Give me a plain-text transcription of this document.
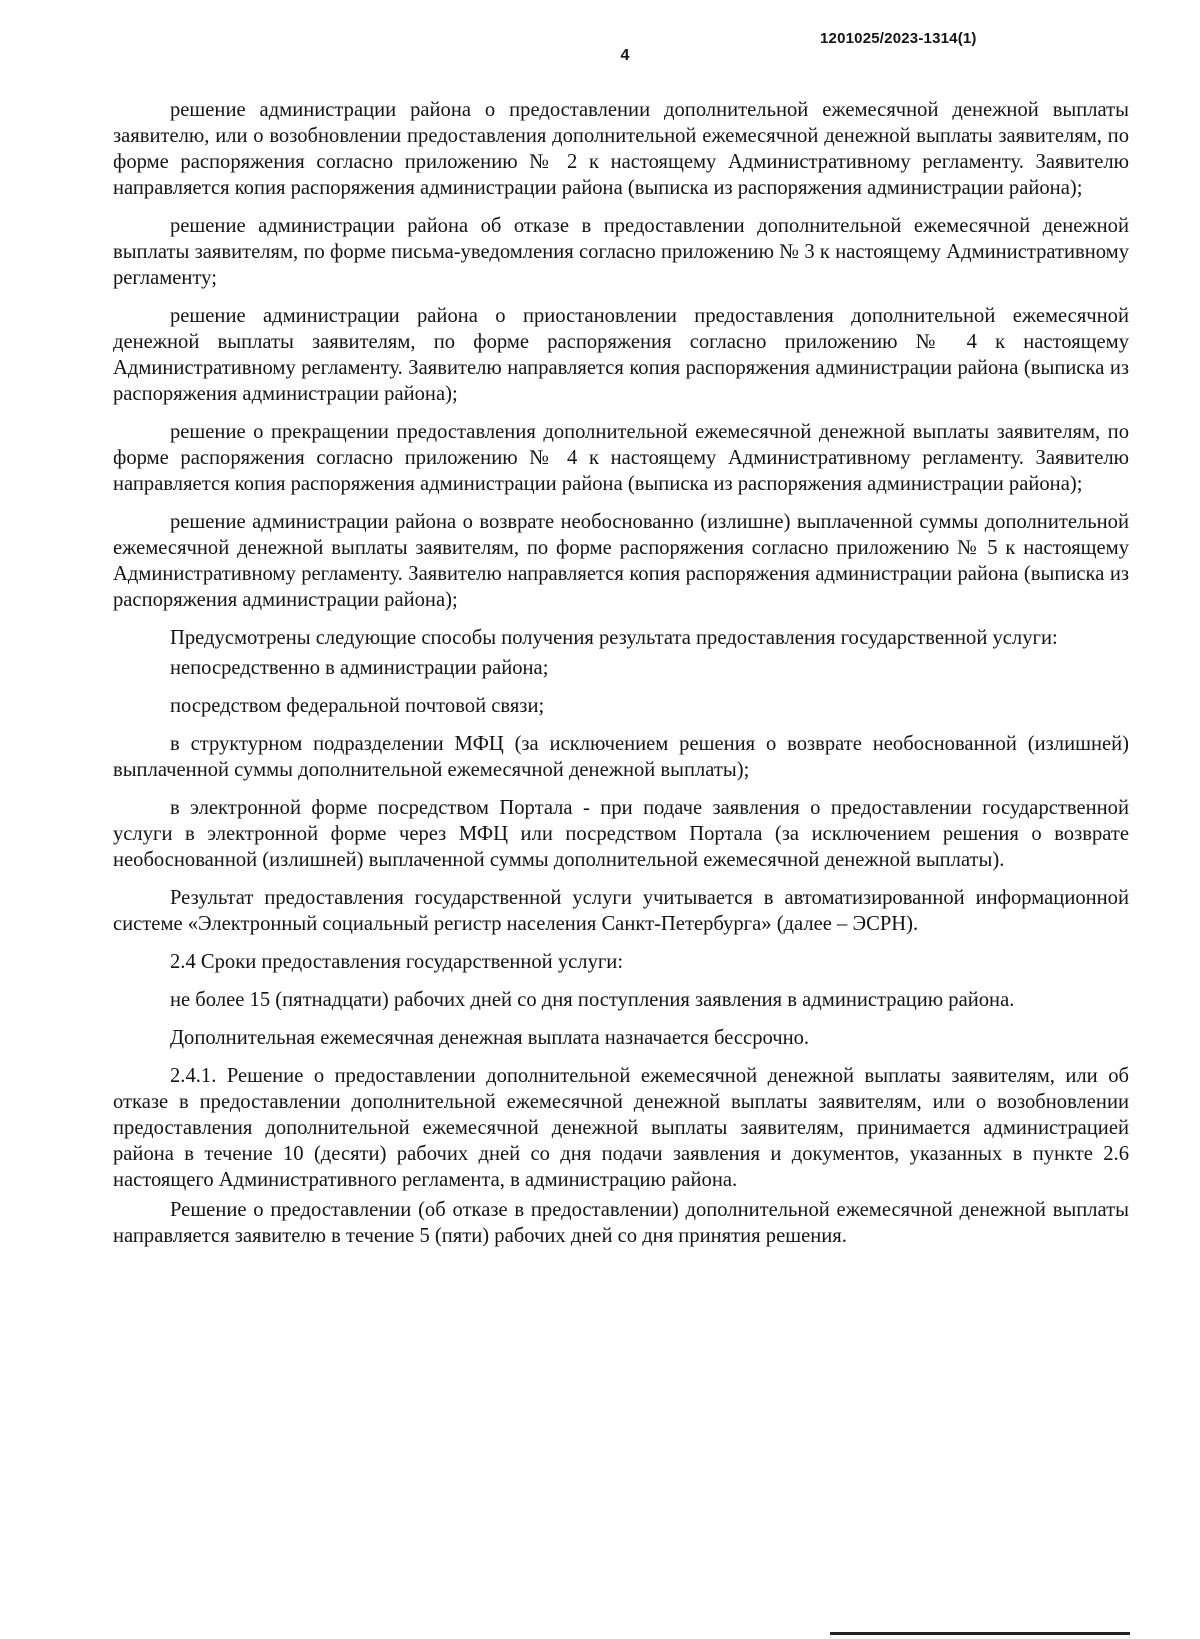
1201025/2023-1314(1)
4

решение администрации района о предоставлении дополнительной ежемесячной денежной выплаты заявителю, или о возобновлении предоставления дополнительной ежемесячной денежной выплаты заявителям, по форме распоряжения согласно приложению № 2 к настоящему Административному регламенту. Заявителю направляется копия распоряжения администрации района (выписка из распоряжения администрации района);

решение администрации района об отказе в предоставлении дополнительной ежемесячной денежной выплаты заявителям, по форме письма-уведомления согласно приложению № 3 к настоящему Административному регламенту;

решение администрации района о приостановлении предоставления дополнительной ежемесячной денежной выплаты заявителям, по форме распоряжения согласно приложению № 4 к настоящему Административному регламенту. Заявителю направляется копия распоряжения администрации района (выписка из распоряжения администрации района);

решение о прекращении предоставления дополнительной ежемесячной денежной выплаты заявителям, по форме распоряжения согласно приложению № 4 к настоящему Административному регламенту. Заявителю направляется копия распоряжения администрации района (выписка из распоряжения администрации района);

решение администрации района о возврате необоснованно (излишне) выплаченной суммы дополнительной ежемесячной денежной выплаты заявителям, по форме распоряжения согласно приложению № 5 к настоящему Административному регламенту. Заявителю направляется копия распоряжения администрации района (выписка из распоряжения администрации района);

Предусмотрены следующие способы получения результата предоставления государственной услуги:

непосредственно в администрации района;

посредством федеральной почтовой связи;

в структурном подразделении МФЦ (за исключением решения о возврате необоснованной (излишней) выплаченной суммы дополнительной ежемесячной денежной выплаты);

в электронной форме посредством Портала - при подаче заявления о предоставлении государственной услуги в электронной форме через МФЦ или посредством Портала (за исключением решения о возврате необоснованной (излишней) выплаченной суммы дополнительной ежемесячной денежной выплаты).

Результат предоставления государственной услуги учитывается в автоматизированной информационной системе «Электронный социальный регистр населения Санкт-Петербурга» (далее – ЭСРН).

2.4 Сроки предоставления государственной услуги:

не более 15 (пятнадцати) рабочих дней со дня поступления заявления в администрацию района.

Дополнительная ежемесячная денежная выплата назначается бессрочно.

2.4.1. Решение о предоставлении дополнительной ежемесячной денежной выплаты заявителям, или об отказе в предоставлении дополнительной ежемесячной денежной выплаты заявителям, или о возобновлении предоставления дополнительной ежемесячной денежной выплаты заявителям, принимается администрацией района в течение 10 (десяти) рабочих дней со дня подачи заявления и документов, указанных в пункте 2.6 настоящего Административного регламента, в администрацию района.

Решение о предоставлении (об отказе в предоставлении) дополнительной ежемесячной денежной выплаты направляется заявителю в течение 5 (пяти) рабочих дней со дня принятия решения.
